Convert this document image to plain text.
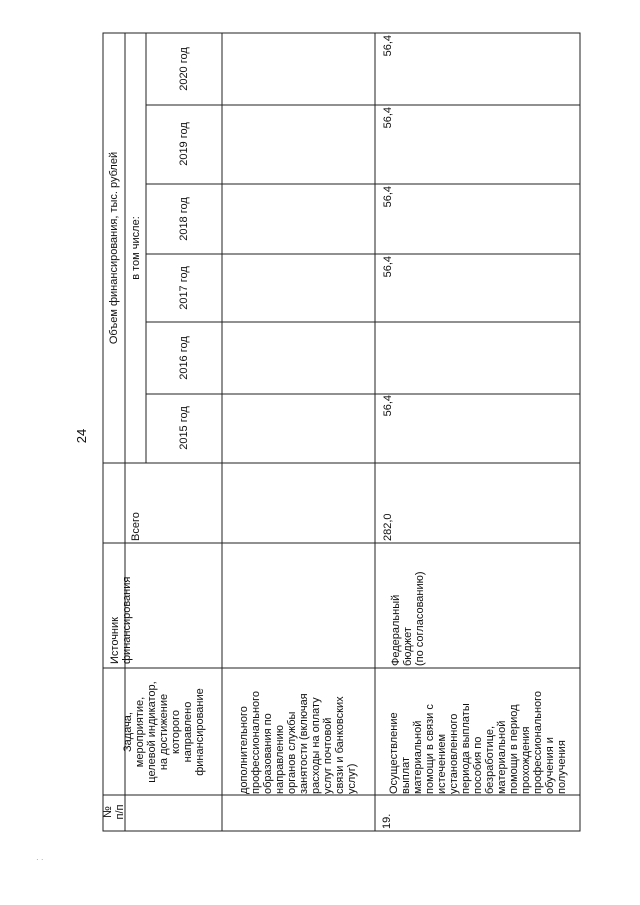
24
№
п/п
Задача,
мероприятие,
целевой индикатор,
на достижение
которого
направлено
финансирование
Источник
финансирования
Всего
Объем финансирования, тыс. рублей в том числе:
2015 год
2016 год
2017 год
2018 год
2019 год
2020 год
дополнительного
профессионального
образования по
направлению
органов службы
занятости (включая
расходы на оплату
услуг почтовой
связи и банковских
услуг)
19.
Осуществление
выплат
материальной
помощи в связи с
истечением
установленного
периода выплаты
пособия по
безработице,
материальной
помощи в период
прохождения
профессионального
обучения и
получения
Федеральный
бюджет
(по согласованию)
282,0
56,4
56,4
56,4
56,4
56,4
· ·
